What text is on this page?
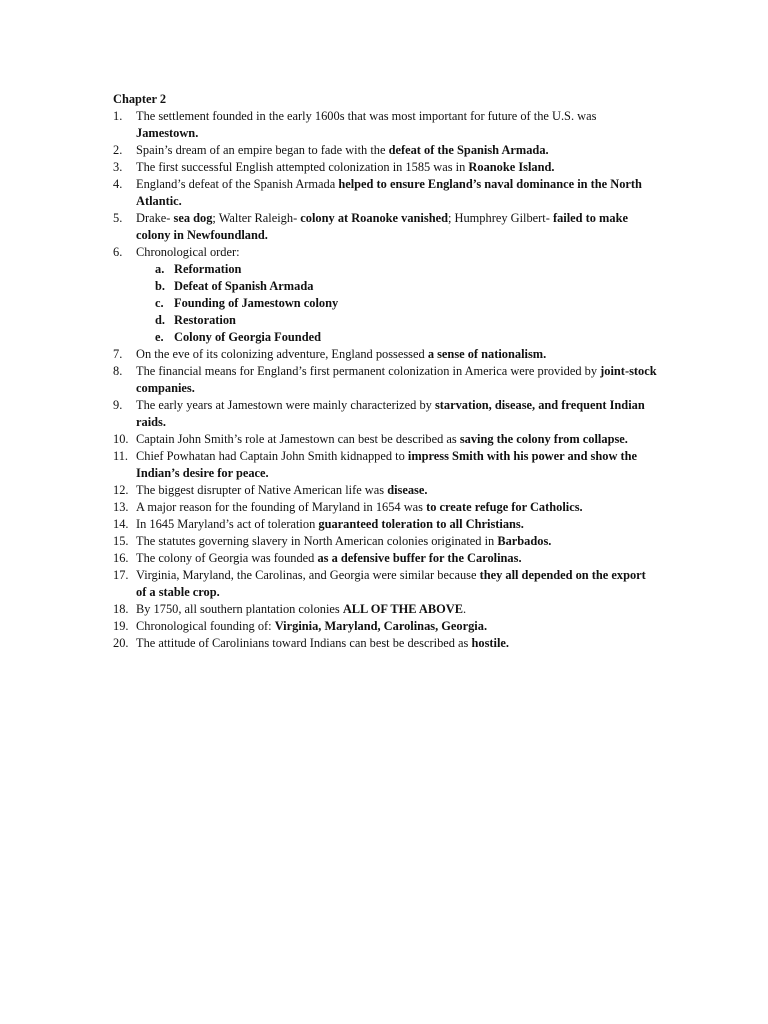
Chapter 2
1.	The settlement founded in the early 1600s that was most important for future of the U.S. was Jamestown.
2.	Spain’s dream of an empire began to fade with the defeat of the Spanish Armada.
3.	The first successful English attempted colonization in 1585 was in Roanoke Island.
4.	England’s defeat of the Spanish Armada helped to ensure England’s naval dominance in the North Atlantic.
5.	Drake- sea dog; Walter Raleigh- colony at Roanoke vanished; Humphrey Gilbert- failed to make colony in Newfoundland.
6.	Chronological order:
a. Reformation
b. Defeat of Spanish Armada
c. Founding of Jamestown colony
d. Restoration
e. Colony of Georgia Founded
7.	On the eve of its colonizing adventure, England possessed a sense of nationalism.
8.	The financial means for England’s first permanent colonization in America were provided by joint-stock companies.
9.	The early years at Jamestown were mainly characterized by starvation, disease, and frequent Indian raids.
10. Captain John Smith’s role at Jamestown can best be described as saving the colony from collapse.
11. Chief Powhatan had Captain John Smith kidnapped to impress Smith with his power and show the Indian’s desire for peace.
12. The biggest disrupter of Native American life was disease.
13. A major reason for the founding of Maryland in 1654 was to create refuge for Catholics.
14. In 1645 Maryland’s act of toleration guaranteed toleration to all Christians.
15. The statutes governing slavery in North American colonies originated in Barbados.
16. The colony of Georgia was founded as a defensive buffer for the Carolinas.
17. Virginia, Maryland, the Carolinas, and Georgia were similar because they all depended on the export of a stable crop.
18. By 1750, all southern plantation colonies ALL OF THE ABOVE.
19. Chronological founding of: Virginia, Maryland, Carolinas, Georgia.
20. The attitude of Carolinians toward Indians can best be described as hostile.
